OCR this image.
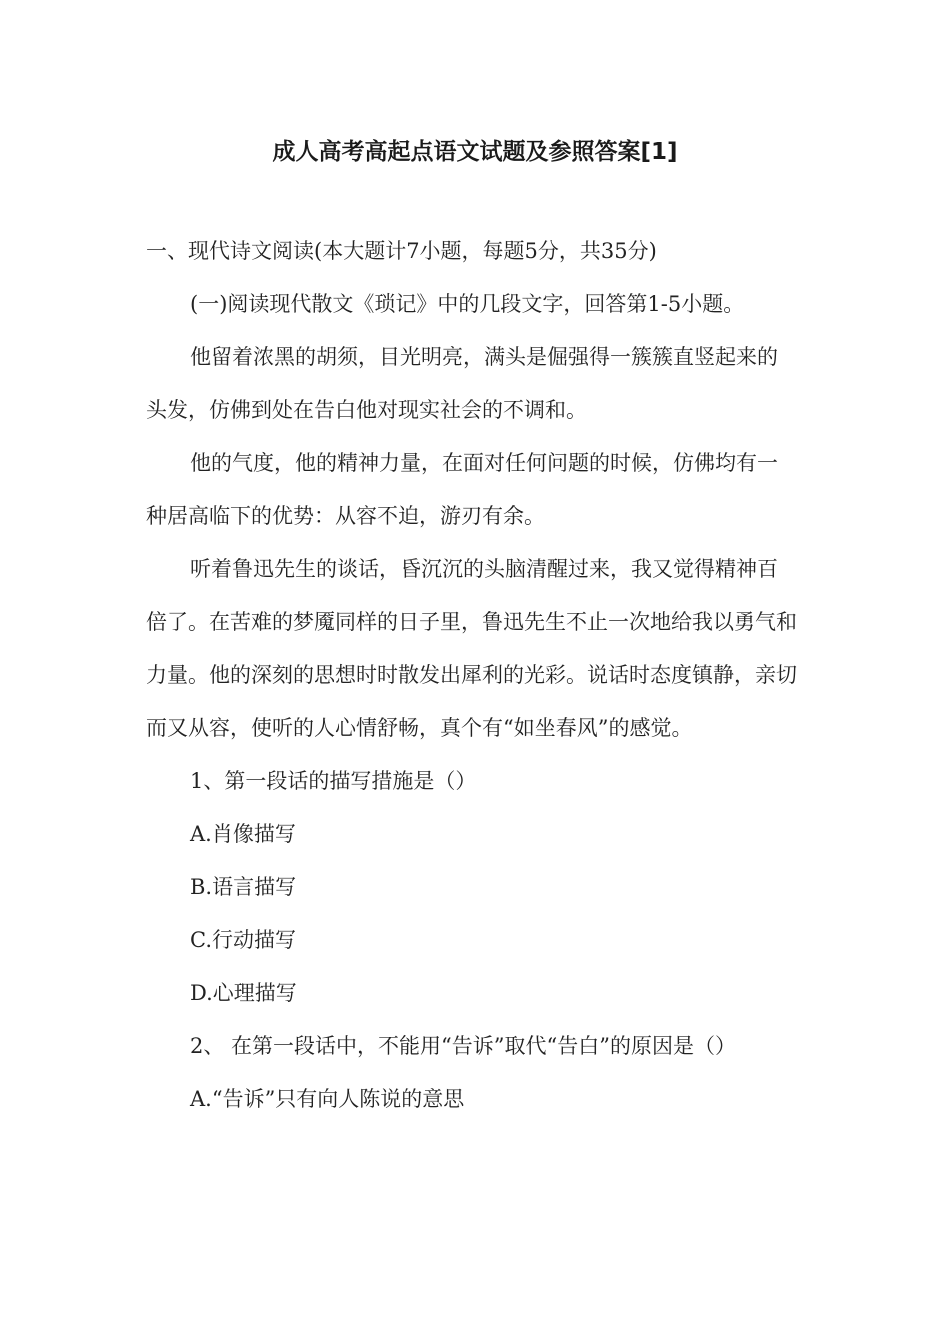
成人高考高起点语文试题及参照答案[1]

一、现代诗文阅读(本大题计7小题，每题5分，共35分)

(一)阅读现代散文《琐记》中的几段文字，回答第1-5小题。

他留着浓黑的胡须，目光明亮，满头是倔强得一簇簇直竖起来的头发，仿佛到处在告白他对现实社会的不调和。

他的气度，他的精神力量，在面对任何问题的时候，仿佛均有一种居高临下的优势：从容不迫，游刃有余。

听着鲁迅先生的谈话，昏沉沉的头脑清醒过来，我又觉得精神百倍了。在苦难的梦魇同样的日子里，鲁迅先生不止一次地给我以勇气和力量。他的深刻的思想时时散发出犀利的光彩。说话时态度镇静，亲切而又从容，使听的人心情舒畅，真个有“如坐春风”的感觉。

1、第一段话的描写措施是（）

A.肖像描写

B.语言描写

C.行动描写

D.心理描写

2、 在第一段话中，不能用“告诉”取代“告白”的原因是（）

A.“告诉”只有向人陈说的意思
